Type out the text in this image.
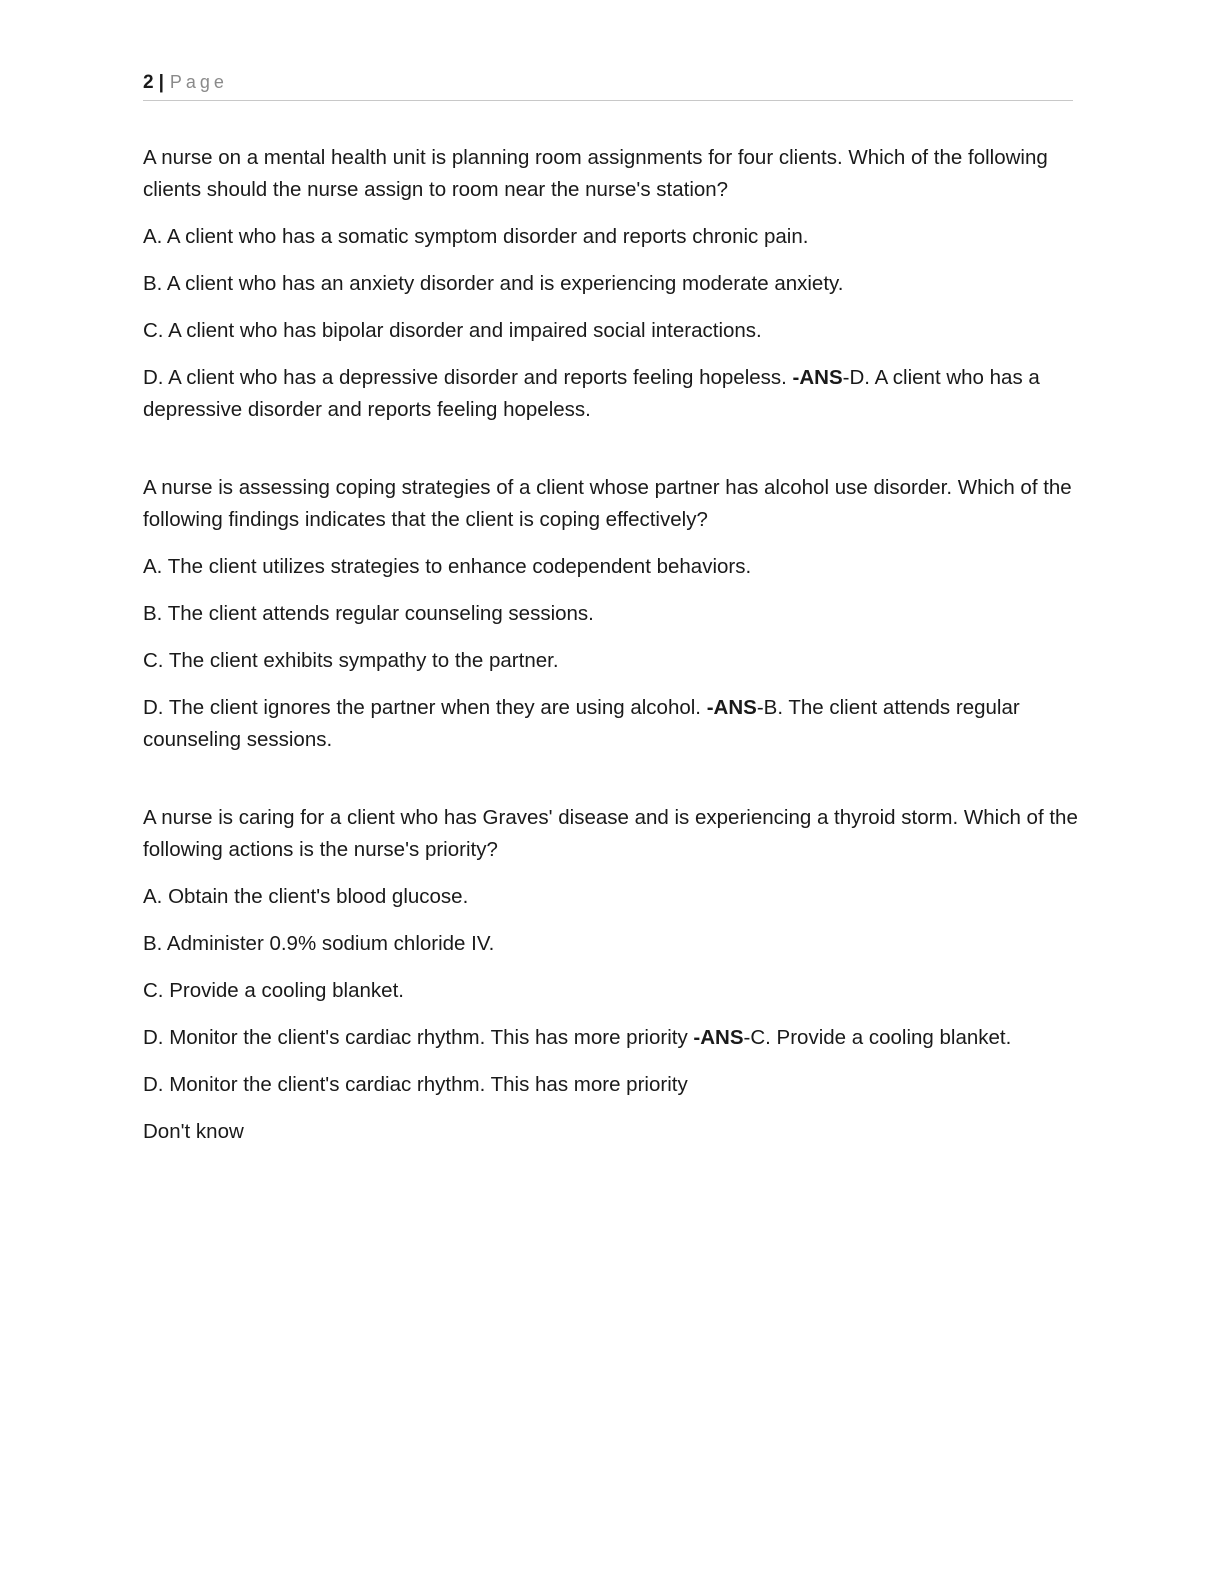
2 | Page

A nurse on a mental health unit is planning room assignments for four clients. Which of the following clients should the nurse assign to room near the nurse's station?

A. A client who has a somatic symptom disorder and reports chronic pain.

B. A client who has an anxiety disorder and is experiencing moderate anxiety.

C. A client who has bipolar disorder and impaired social interactions.

D. A client who has a depressive disorder and reports feeling hopeless. -ANS-D. A client who has a depressive disorder and reports feeling hopeless.

A nurse is assessing coping strategies of a client whose partner has alcohol use disorder. Which of the following findings indicates that the client is coping effectively?

A. The client utilizes strategies to enhance codependent behaviors.

B. The client attends regular counseling sessions.

C. The client exhibits sympathy to the partner.

D. The client ignores the partner when they are using alcohol. -ANS-B. The client attends regular counseling sessions.

A nurse is caring for a client who has Graves' disease and is experiencing a thyroid storm. Which of the following actions is the nurse's priority?

A. Obtain the client's blood glucose.

B. Administer 0.9% sodium chloride IV.

C. Provide a cooling blanket.

D. Monitor the client's cardiac rhythm. This has more priority -ANS-C. Provide a cooling blanket.

D. Monitor the client's cardiac rhythm. This has more priority

Don't know
